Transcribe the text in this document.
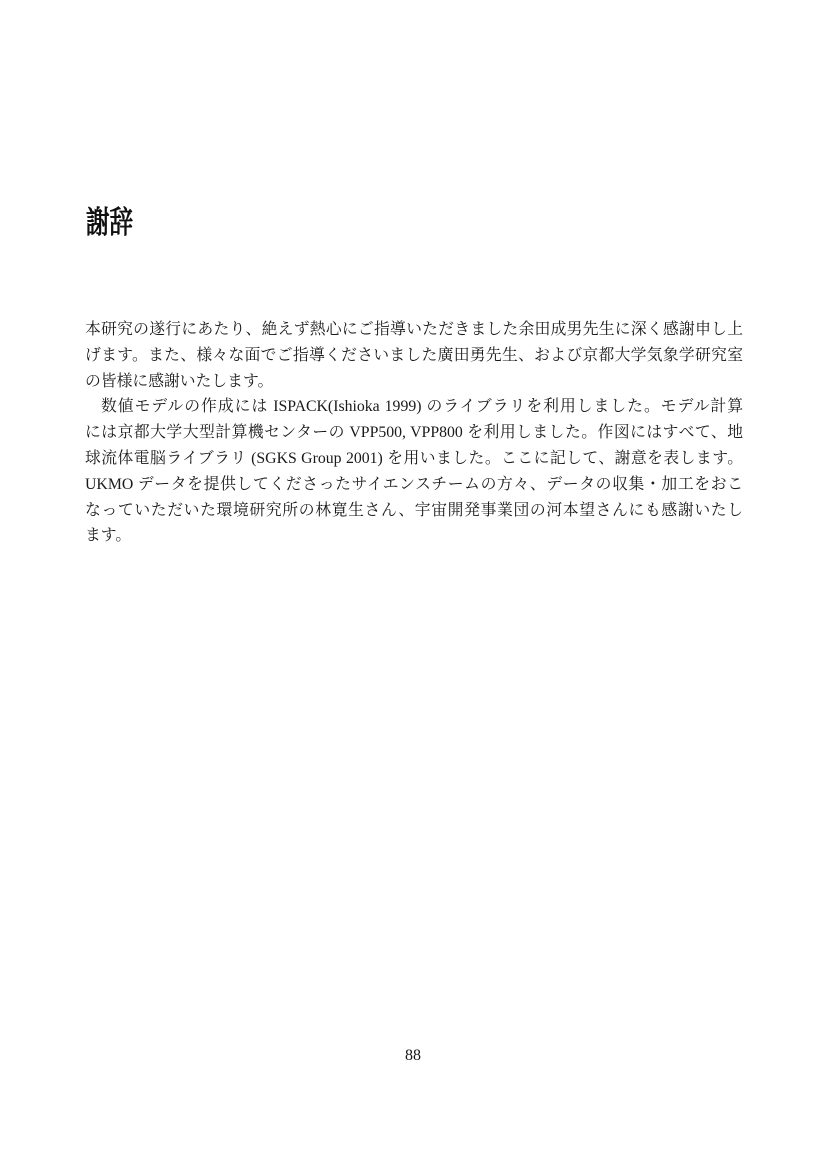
謝辞
本研究の遂行にあたり、絶えず熱心にご指導いただきました余田成男先生に深く感謝申し上
げます。また、様々な面でご指導くださいました廣田勇先生、および京都大学気象学研究室
の皆様に感謝いたします。
数値モデルの作成には ISPACK(Ishioka 1999) のライブラリを利用しました。モデル計算
には京都大学大型計算機センターの VPP500, VPP800 を利用しました。作図にはすべて、地
球流体電脳ライブラリ (SGKS Group 2001) を用いました。ここに記して、謝意を表します。
UKMO データを提供してくださったサイエンスチームの方々、データの収集・加工をおこ
なっていただいた環境研究所の林寛生さん、宇宙開発事業団の河本望さんにも感謝いたし
ます。
88
